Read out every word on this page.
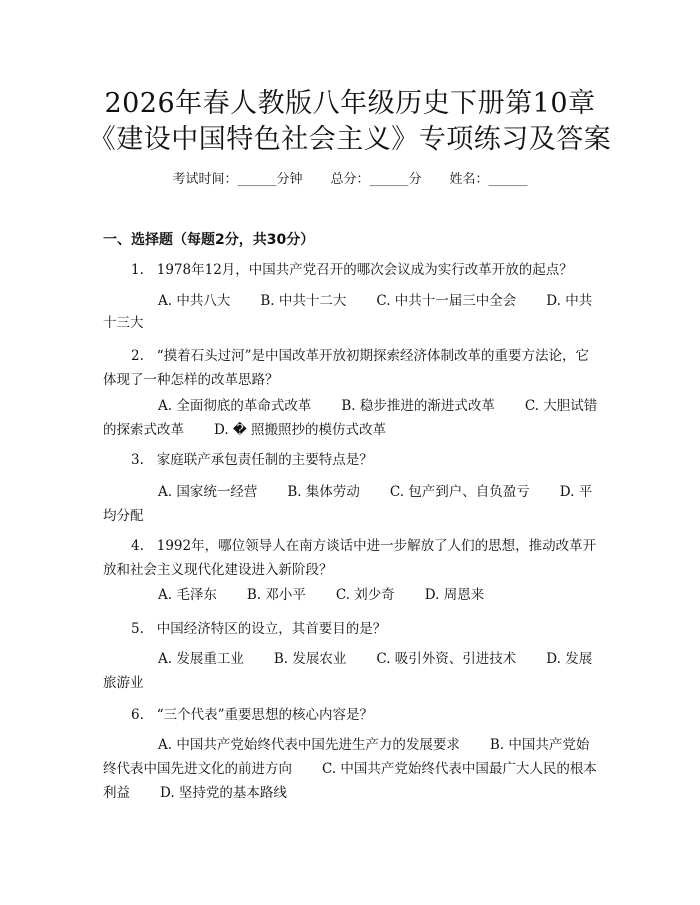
2026年春人教版八年级历史下册第10章
《建设中国特色社会主义》专项练习及答案
考试时间：______分钟 总分：______分 姓名：______
一、选择题（每题2分，共30分）

1.   1978年12月，中国共产党召开的哪次会议成为实行改革开放的起点？

A. 中共八大 B. 中共十二大 C. 中共十一届三中全会 D. 中共十三大

2.   “摸着石头过河”是中国改革开放初期探索经济体制改革的重要方法论，它体现了一种怎样的改革思路？

A. 全面彻底的革命式改革 B. 稳步推进的渐进式改革 C. 大胆试错的探索式改革 D. � 照搬照抄的模仿式改革

3.   家庭联产承包责任制的主要特点是？

A. 国家统一经营 B. 集体劳动 C. 包产到户、自负盈亏 D. 平均分配

4.   1992年，哪位领导人在南方谈话中进一步解放了人们的思想，推动改革开放和社会主义现代化建设进入新阶段？

A. 毛泽东 B. 邓小平 C. 刘少奇 D. 周恩来

5.   中国经济特区的设立，其首要目的是？

A. 发展重工业 B. 发展农业 C. 吸引外资、引进技术 D. 发展旅游业

6.   “三个代表”重要思想的核心内容是？

A. 中国共产党始终代表中国先进生产力的发展要求 B. 中国共产党始终代表中国先进文化的前进方向 C. 中国共产党始终代表中国最广大人民的根本利益 D. 坚持党的基本路线
